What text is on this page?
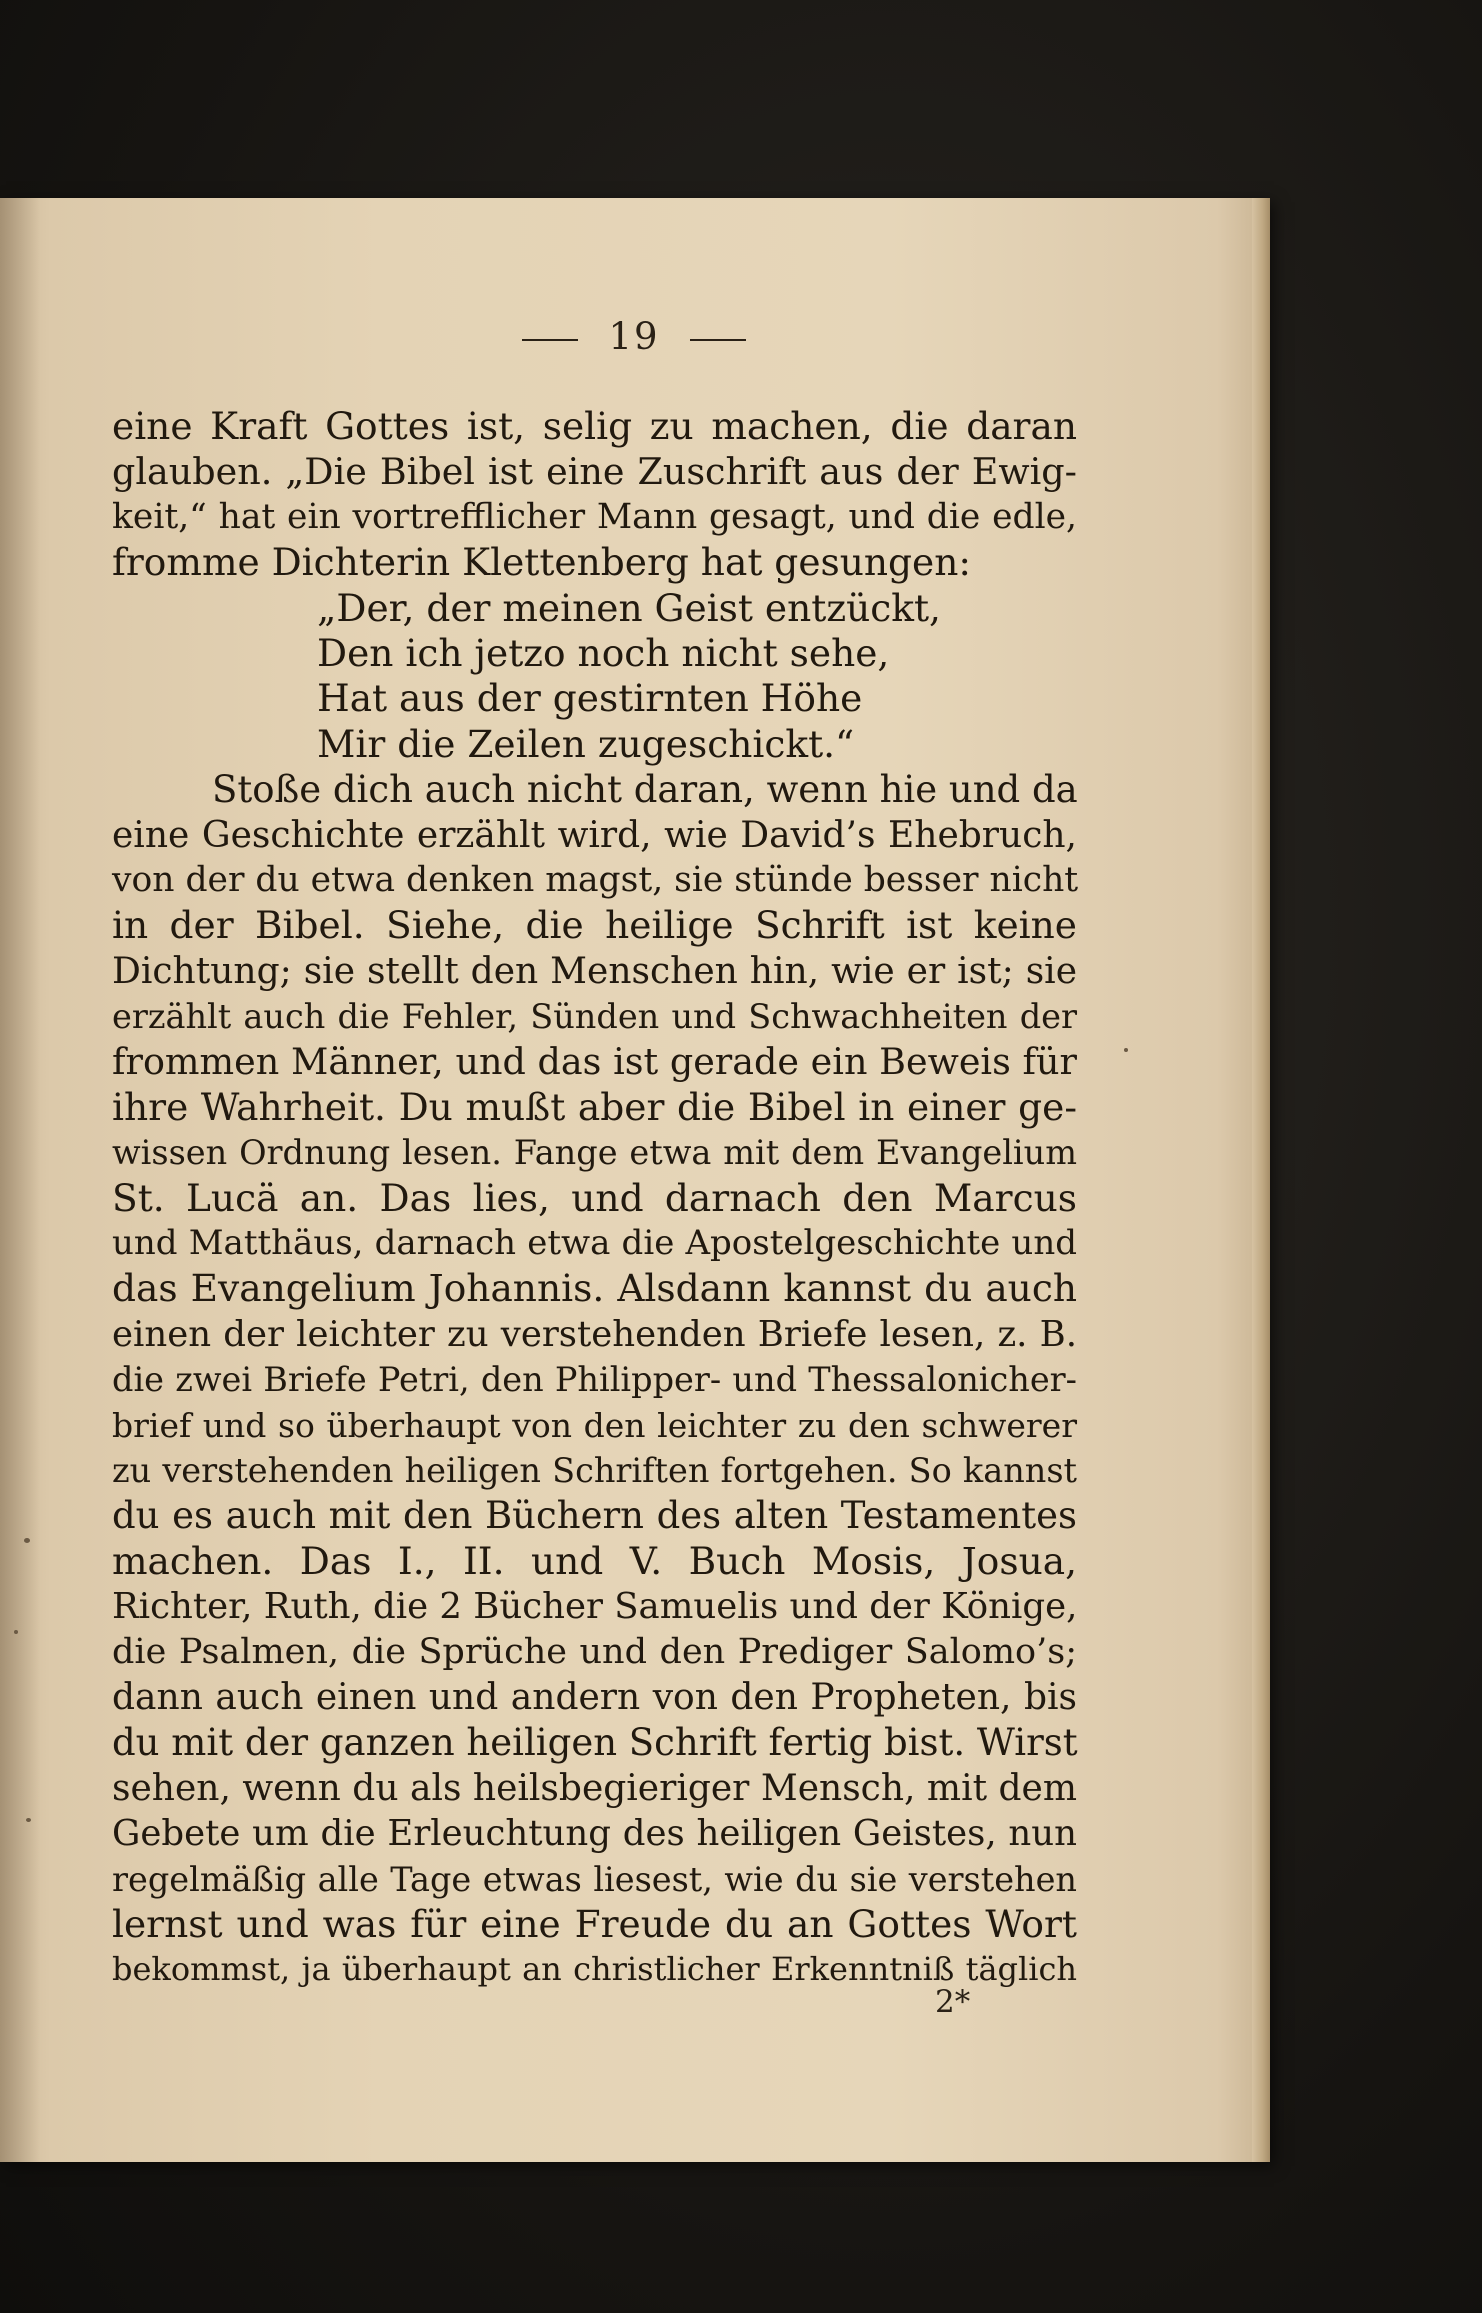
19
eine Kraft Gottes ist, selig zu machen, die daran
glauben. „Die Bibel ist eine Zuschrift aus der Ewig-
keit,“ hat ein vortrefflicher Mann gesagt, und die edle,
fromme Dichterin Klettenberg hat gesungen:
„Der, der meinen Geist entzückt,
Den ich jetzo noch nicht sehe,
Hat aus der gestirnten Höhe
Mir die Zeilen zugeschickt.“
Stoße dich auch nicht daran, wenn hie und da
eine Geschichte erzählt wird, wie David’s Ehebruch,
von der du etwa denken magst, sie stünde besser nicht
in der Bibel. Siehe, die heilige Schrift ist keine
Dichtung; sie stellt den Menschen hin, wie er ist; sie
erzählt auch die Fehler, Sünden und Schwachheiten der
frommen Männer, und das ist gerade ein Beweis für
ihre Wahrheit. Du mußt aber die Bibel in einer ge-
wissen Ordnung lesen. Fange etwa mit dem Evangelium
St. Lucä an. Das lies, und darnach den Marcus
und Matthäus, darnach etwa die Apostelgeschichte und
das Evangelium Johannis. Alsdann kannst du auch
einen der leichter zu verstehenden Briefe lesen, z. B.
die zwei Briefe Petri, den Philipper- und Thessalonicher-
brief und so überhaupt von den leichter zu den schwerer
zu verstehenden heiligen Schriften fortgehen. So kannst
du es auch mit den Büchern des alten Testamentes
machen. Das I., II. und V. Buch Mosis, Josua,
Richter, Ruth, die 2 Bücher Samuelis und der Könige,
die Psalmen, die Sprüche und den Prediger Salomo’s;
dann auch einen und andern von den Propheten, bis
du mit der ganzen heiligen Schrift fertig bist. Wirst
sehen, wenn du als heilsbegieriger Mensch, mit dem
Gebete um die Erleuchtung des heiligen Geistes, nun
regelmäßig alle Tage etwas liesest, wie du sie verstehen
lernst und was für eine Freude du an Gottes Wort
bekommst, ja überhaupt an christlicher Erkenntniß täglich
2*
